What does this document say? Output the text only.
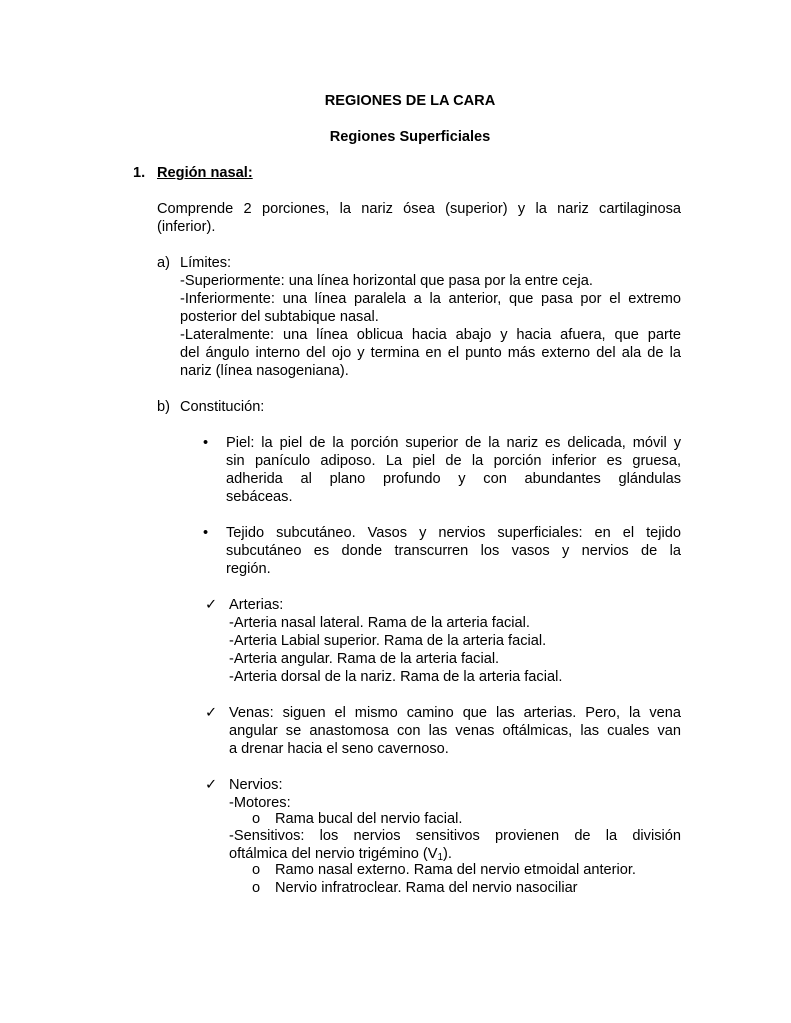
REGIONES DE LA CARA
Regiones Superficiales
1. Región nasal:
Comprende 2 porciones, la nariz ósea (superior) y la nariz cartilaginosa
(inferior).
a) Límites:
-Superiormente: una línea horizontal que pasa por la entre ceja.
-Inferiormente: una línea paralela a la anterior, que pasa por el extremo
posterior del subtabique nasal.
-Lateralmente: una línea oblicua hacia abajo y hacia afuera, que parte
del ángulo interno del ojo y termina en el punto más externo del ala de la
nariz (línea nasogeniana).
b) Constitución:
• Piel: la piel de la porción superior de la nariz es delicada, móvil y
sin panículo adiposo. La piel de la porción inferior es gruesa,
adherida al plano profundo y con abundantes glándulas
sebáceas.
• Tejido subcutáneo. Vasos y nervios superficiales: en el tejido
subcutáneo es donde transcurren los vasos y nervios de la
región.
✓ Arterias:
-Arteria nasal lateral. Rama de la arteria facial.
-Arteria Labial superior. Rama de la arteria facial.
-Arteria angular. Rama de la arteria facial.
-Arteria dorsal de la nariz. Rama de la arteria facial.
✓ Venas: siguen el mismo camino que las arterias. Pero, la vena
angular se anastomosa con las venas oftálmicas, las cuales van
a drenar hacia el seno cavernoso.
✓ Nervios:
-Motores:
o Rama bucal del nervio facial.
-Sensitivos: los nervios sensitivos provienen de la división
oftálmica del nervio trigémino $(V_1)$.
o Ramo nasal externo. Rama del nervio etmoidal anterior.
o Nervio infratroclear. Rama del nervio nasociliar
